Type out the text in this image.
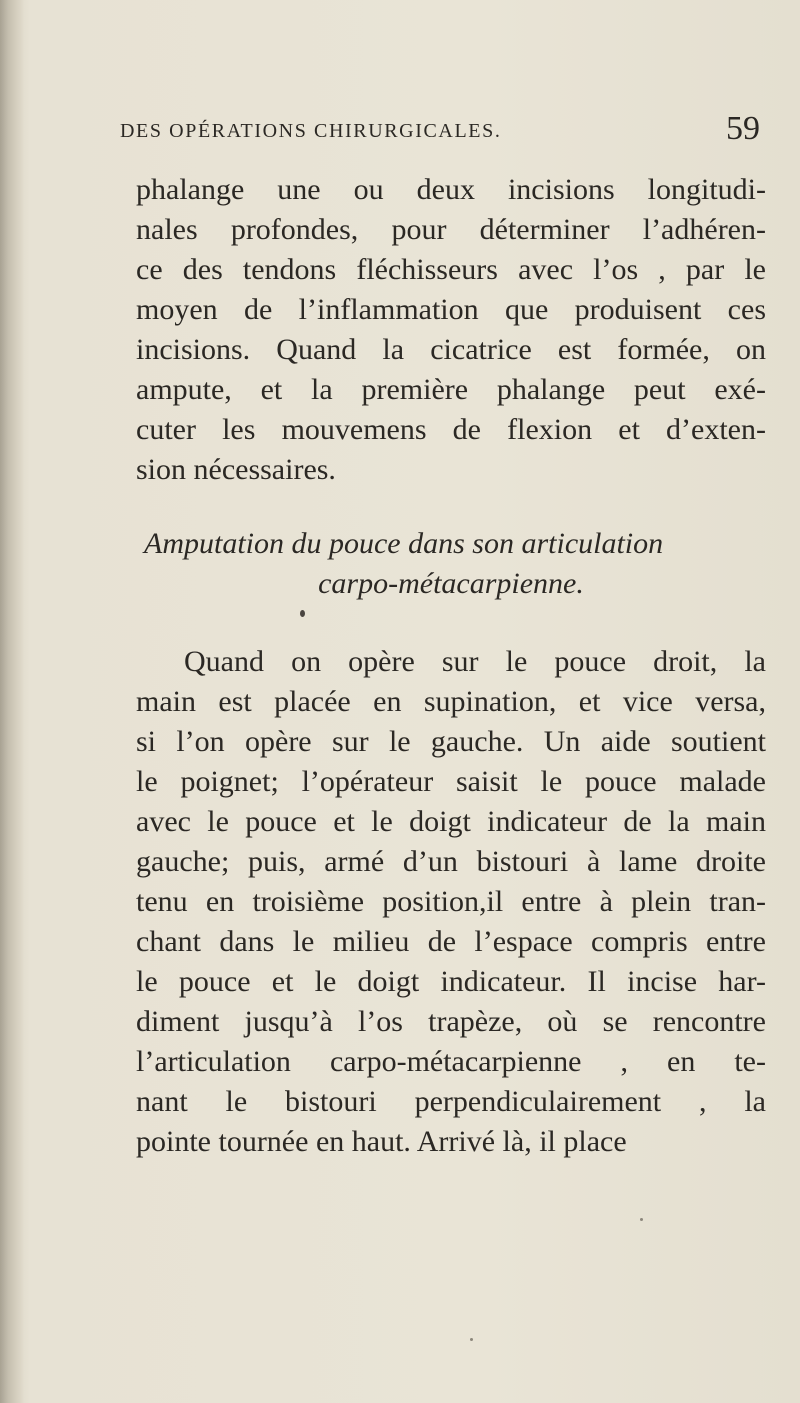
DES OPÉRATIONS CHIRURGICALES.	59
phalange une ou deux incisions longitudi-
nales profondes, pour déterminer l’adhéren-
ce des tendons fléchisseurs avec l’os , par le
moyen de l’inflammation que produisent ces
incisions. Quand la cicatrice est formée, on
ampute, et la première phalange peut exé-
cuter les mouvemens de flexion et d’exten-
sion nécessaires.
Amputation du pouce dans son articulation
carpo-métacarpienne.
Quand on opère sur le pouce droit, la
main est placée en supination, et vice versa,
si l’on opère sur le gauche. Un aide soutient
le poignet; l’opérateur saisit le pouce malade
avec le pouce et le doigt indicateur de la main
gauche; puis, armé d’un bistouri à lame droite
tenu en troisième position,il entre à plein tran-
chant dans le milieu de l’espace compris entre
le pouce et le doigt indicateur. Il incise har-
diment jusqu’à l’os trapèze, où se rencontre
l’articulation carpo-métacarpienne , en te-
nant le bistouri perpendiculairement , la
pointe tournée en haut. Arrivé là, il place
